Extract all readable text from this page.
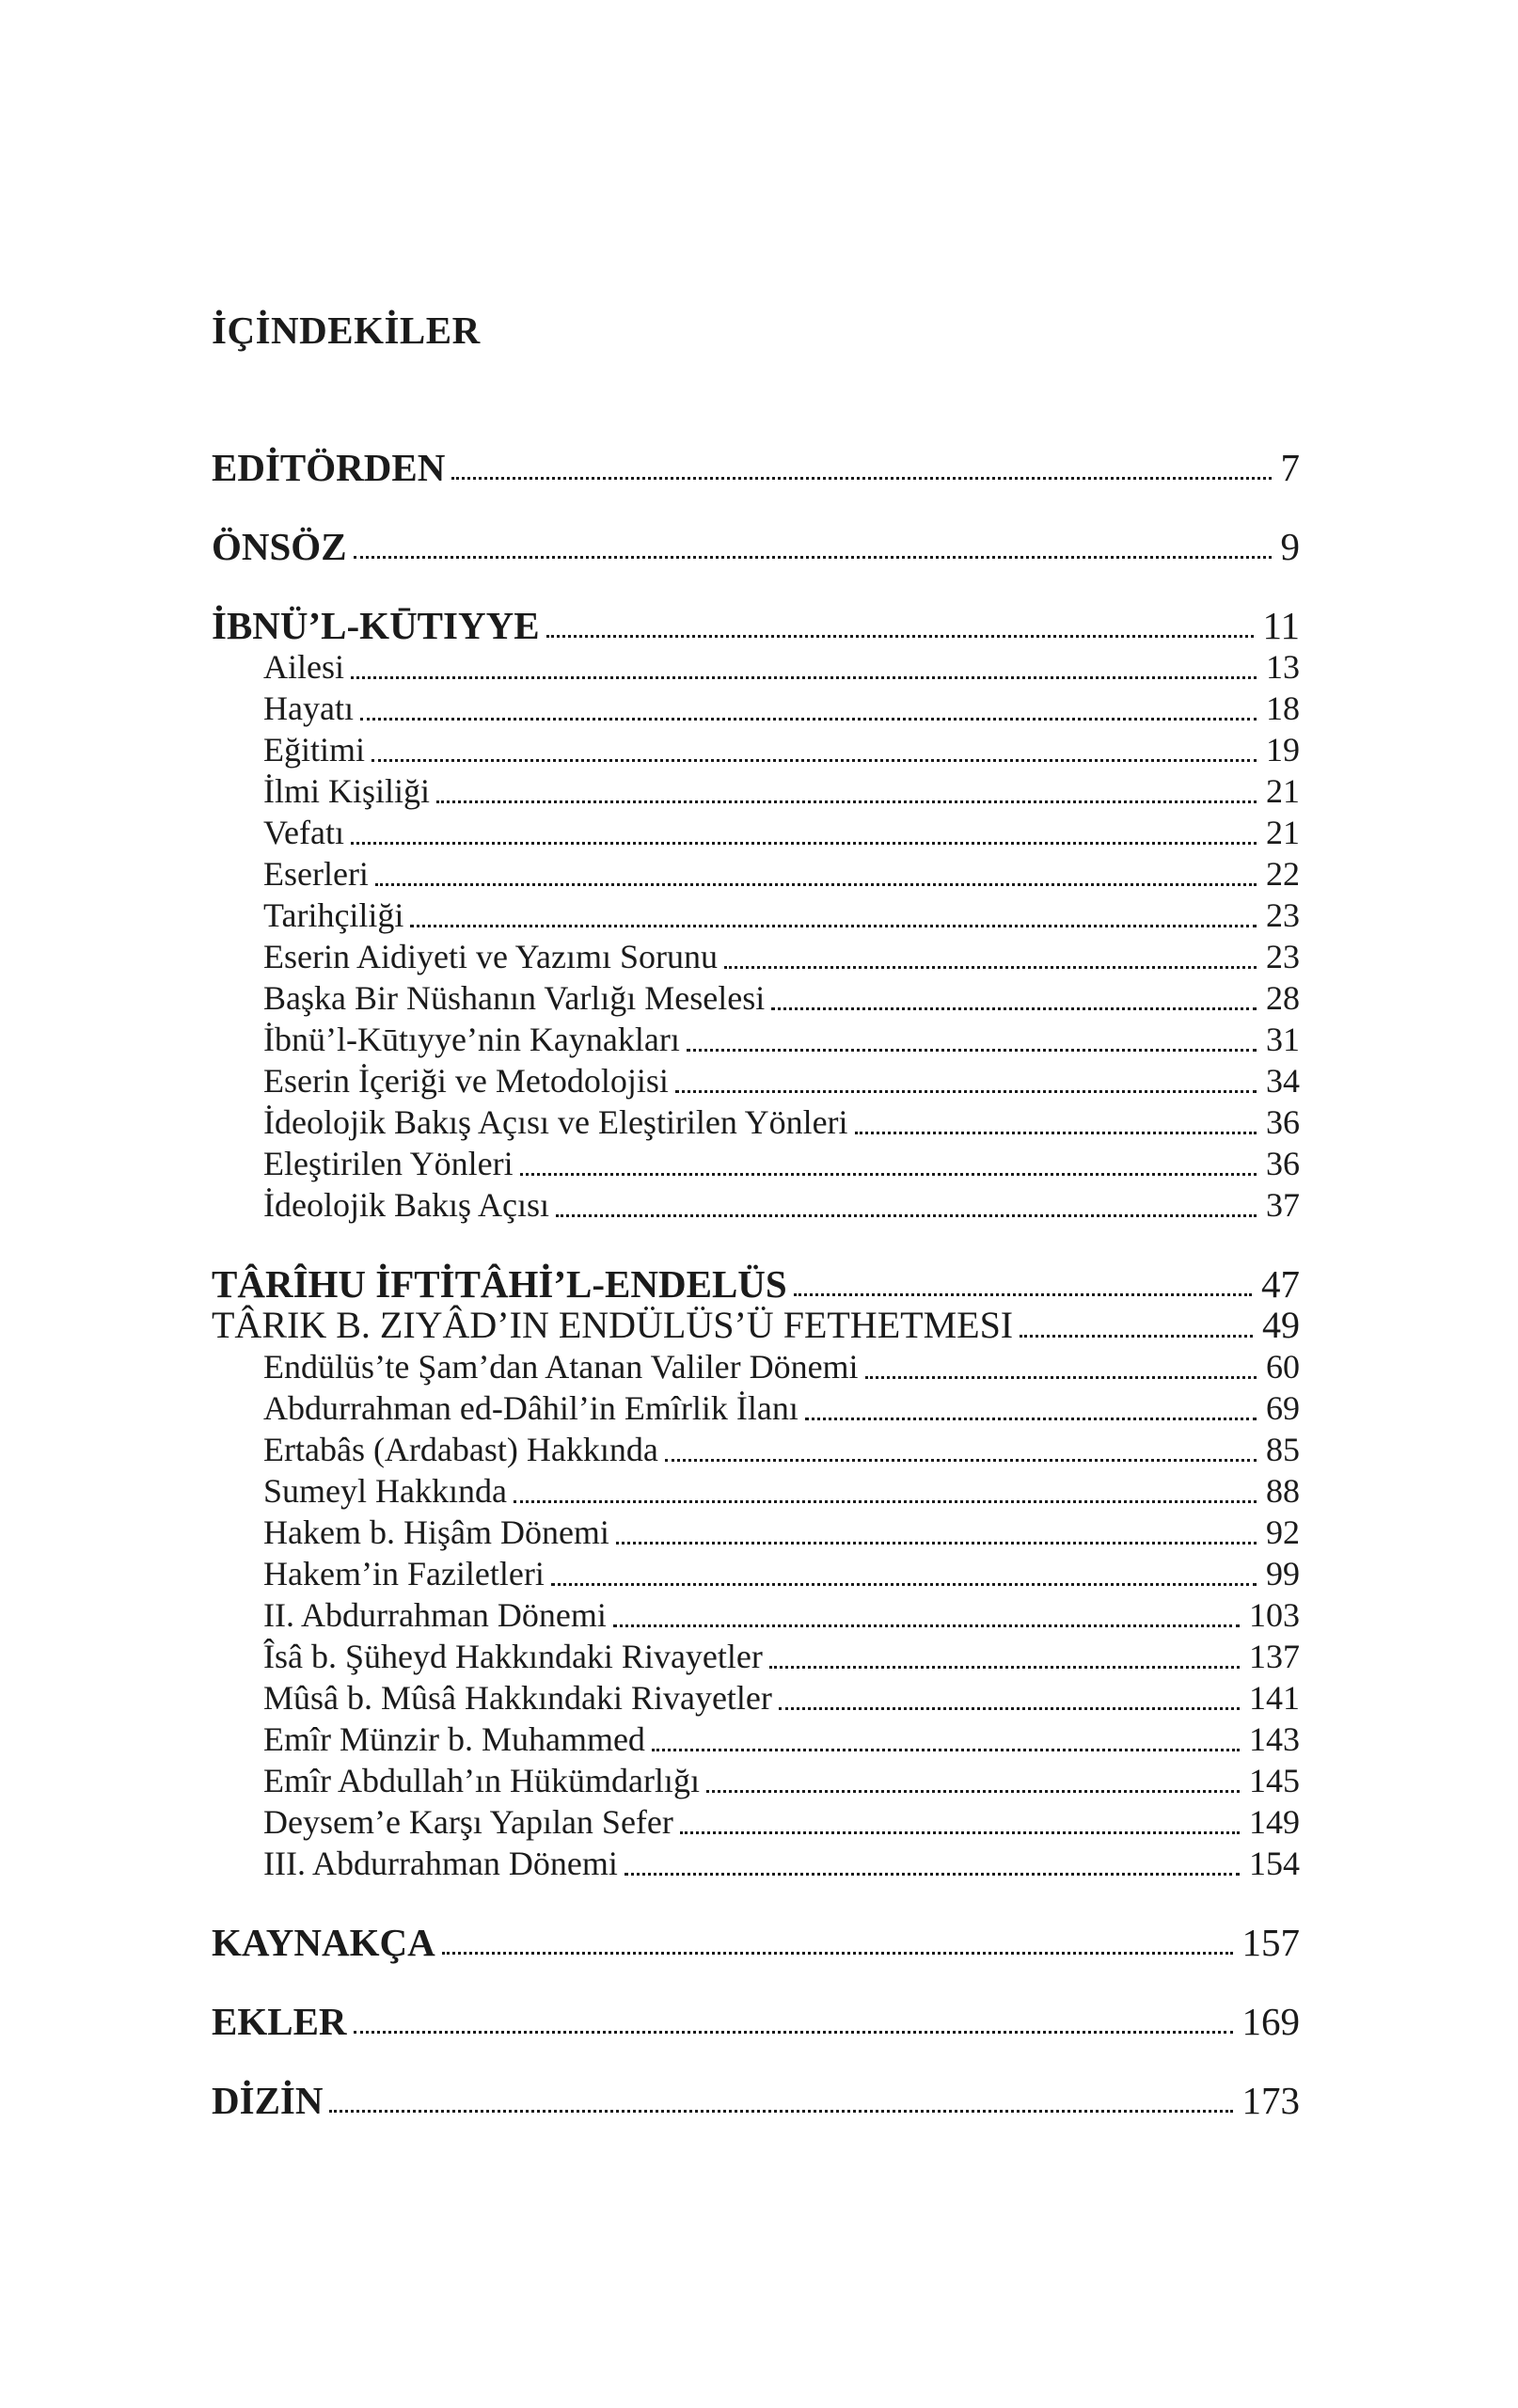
İÇİNDEKİLER
EDİTÖRDEN	7
ÖNSÖZ	9
İBNÜ’L-KŪTIYYE	11
Ailesi	13
Hayatı	18
Eğitimi	19
İlmi Kişiliği	21
Vefatı	21
Eserleri	22
Tarihçiliği	23
Eserin Aidiyeti ve Yazımı Sorunu	23
Başka Bir Nüshanın Varlığı Meselesi	28
İbnü’l-Kūtıyye’nin Kaynakları	31
Eserin İçeriği ve Metodolojisi	34
İdeolojik Bakış Açısı ve Eleştirilen Yönleri	36
Eleştirilen Yönleri	36
İdeolojik Bakış Açısı	37
TÂRÎHU İFTİTÂHİ’L-ENDELÜS	47
TÂRIK B. ZIYÂD’IN ENDÜLÜS’Ü FETHETMESI	49
Endülüs’te Şam’dan Atanan Valiler Dönemi	60
Abdurrahman ed-Dâhil’in Emîrlik İlanı	69
Ertabâs (Ardabast) Hakkında	85
Sumeyl Hakkında	88
Hakem b. Hişâm Dönemi	92
Hakem’in Faziletleri	99
II. Abdurrahman Dönemi	103
Îsâ b. Şüheyd Hakkındaki Rivayetler	137
Mûsâ b. Mûsâ Hakkındaki Rivayetler	141
Emîr Münzir b. Muhammed	143
Emîr Abdullah’ın Hükümdarlığı	145
Deysem’e Karşı Yapılan Sefer	149
III. Abdurrahman Dönemi	154
KAYNAKÇA	157
EKLER	169
DİZİN	173
